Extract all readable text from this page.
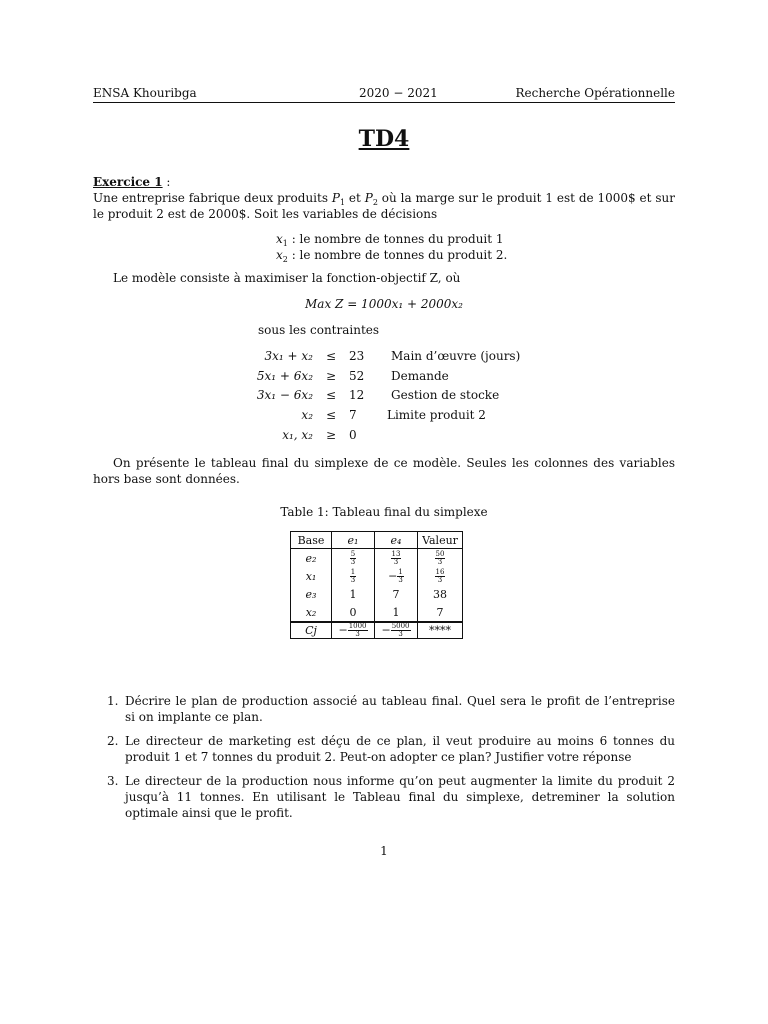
ENSA Khouribga	2020 − 2021	Recherche Opérationnelle
TD4
Exercice 1 :
Une entreprise fabrique deux produits $P_1$ et $P_2$ où la marge sur le produit 1 est de 1000$ et sur le produit 2 est de 2000$. Soit les variables de décisions
$x_1$ : le nombre de tonnes du produit 1
$x_2$ : le nombre de tonnes du produit 2.
Le modèle consiste à maximiser la fonction-objectif Z, où
Max Z = 1000x₁ + 2000x₂
sous les contraintes
3x₁ + x₂ ≤ 23 Main d’œuvre (jours)
5x₁ + 6x₂ ≥ 52 Demande
3x₁ − 6x₂ ≤ 12 Gestion de stocke
x₂ ≤ 7	Limite produit 2
x₁, x₂ ≥ 0
On présente le tableau final du simplexe de ce modèle. Seules les colonnes des variables hors base sont données.
Table 1: Tableau final du simplexe
Base	e₁	e₄	Valeur
e₂	$\frac{5}{3}$	$\frac{13}{3}$	$\frac{50}{3}$

x₁	$\frac{1}{3}$	− $\frac{1}{3}$	$\frac{16}{3}$

e₃	1	7	38
x₂	0	1	7
Cj	− $\frac{1000}{3}$	− $\frac{5000}{3}$	****
1. Décrire le plan de production associé au tableau final. Quel sera le profit de l’entreprise si on implante ce plan.
2. Le directeur de marketing est déçu de ce plan, il veut produire au moins 6 tonnes du produit 1 et 7 tonnes du produit 2. Peut-on adopter ce plan? Justifier votre réponse
3. Le directeur de la production nous informe qu’on peut augmenter la limite du produit 2 jusqu’à 11 tonnes. En utilisant le Tableau final du simplexe, detreminer la solution optimale ainsi que le profit.
1
